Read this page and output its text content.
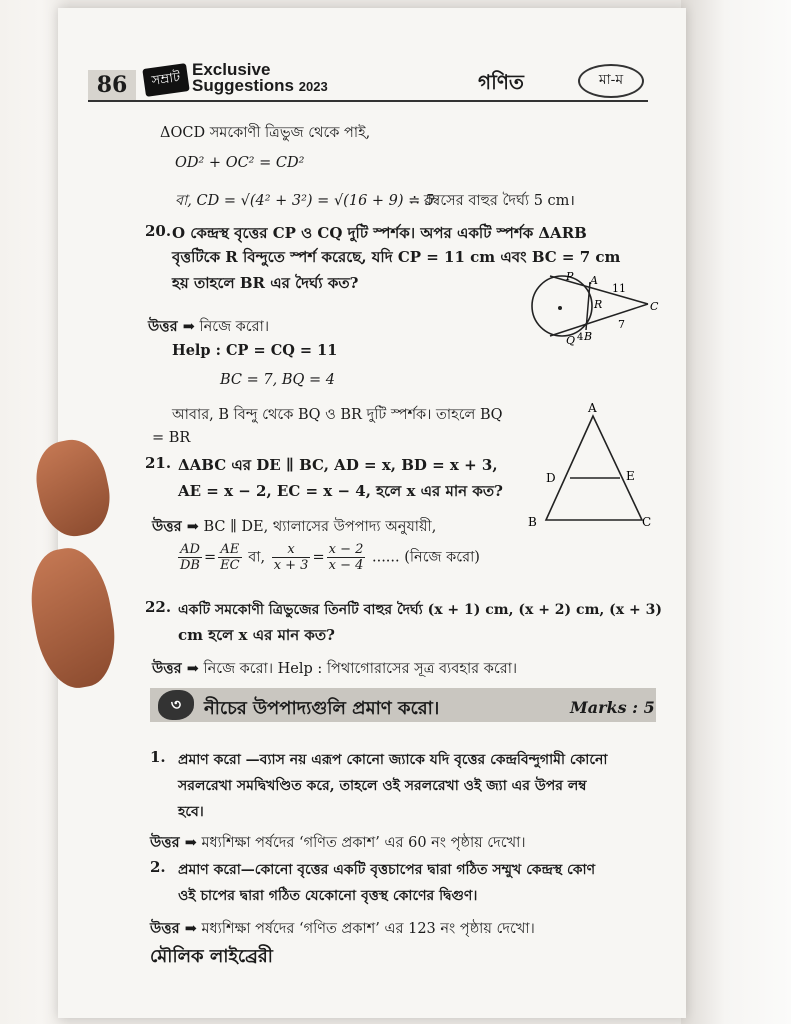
86	সম্রাট
Exclusive
Suggestions 2023	গণিত	মা-ম
ΔOCD সমকোণী ত্রিভুজ থেকে পাই,
OD² + OC² = CD²
বা, CD = √(4² + 3²) = √(16 + 9) = 5
∴ রম্বসের বাহুর দৈর্ঘ্য 5 cm।
20. O কেন্দ্রস্থ বৃত্তের CP ও CQ দুটি স্পর্শক। অপর একটি স্পর্শক ΔARB
বৃত্তটিকে R বিন্দুতে স্পর্শ করেছে, যদি CP = 11 cm এবং BC = 7 cm
হয় তাহলে BR এর দৈর্ঘ্য কত?	P A
11
R	C
7
Q 4 B
উত্তর ➡ নিজে করো।
Help : CP = CQ = 11
BC = 7, BQ = 4
আবার, B বিন্দু থেকে BQ ও BR দুটি স্পর্শক। তাহলে BQ
= BR
21. ΔABC এর DE ∥ BC, AD = x, BD = x + 3,
AE = x − 2, EC = x − 4, হলে x এর মান কত?
A
D	E
B	C
উত্তর ➡ BC ∥ DE, থ্যালাসের উপপাদ্য অনুযায়ী,
$\frac{AD}{DB} = \frac{AE}{EC}$ বা, $\frac{x}{x + 3} = \frac{x - 2}{x - 4}$ ...... (নিজে করো)
22. একটি সমকোণী ত্রিভুজের তিনটি বাহুর দৈর্ঘ্য (x + 1) cm, (x + 2) cm, (x + 3)
cm হলে x এর মান কত?
উত্তর ➡ নিজে করো। Help : পিথাগোরাসের সূত্র ব্যবহার করো।
৩	নীচের উপপাদ্যগুলি প্রমাণ করো।	Marks : 5
1. প্রমাণ করো —ব্যাস নয় এরূপ কোনো জ্যাকে যদি বৃত্তের কেন্দ্রবিন্দুগামী কোনো
সরলরেখা সমদ্বিখণ্ডিত করে, তাহলে ওই সরলরেখা ওই জ্যা এর উপর লম্ব
হবে।
উত্তর ➡ মধ্যশিক্ষা পর্ষদের ‘গণিত প্রকাশ’ এর 60 নং পৃষ্ঠায় দেখো।
2. প্রমাণ করো—কোনো বৃত্তের একটি বৃত্তচাপের দ্বারা গঠিত সম্মুখ কেন্দ্রস্থ কোণ
ওই চাপের দ্বারা গঠিত যেকোনো বৃত্তস্থ কোণের দ্বিগুণ।
উত্তর ➡ মধ্যশিক্ষা পর্ষদের ‘গণিত প্রকাশ’ এর 123 নং পৃষ্ঠায় দেখো।
মৌলিক লাইব্রেরী
